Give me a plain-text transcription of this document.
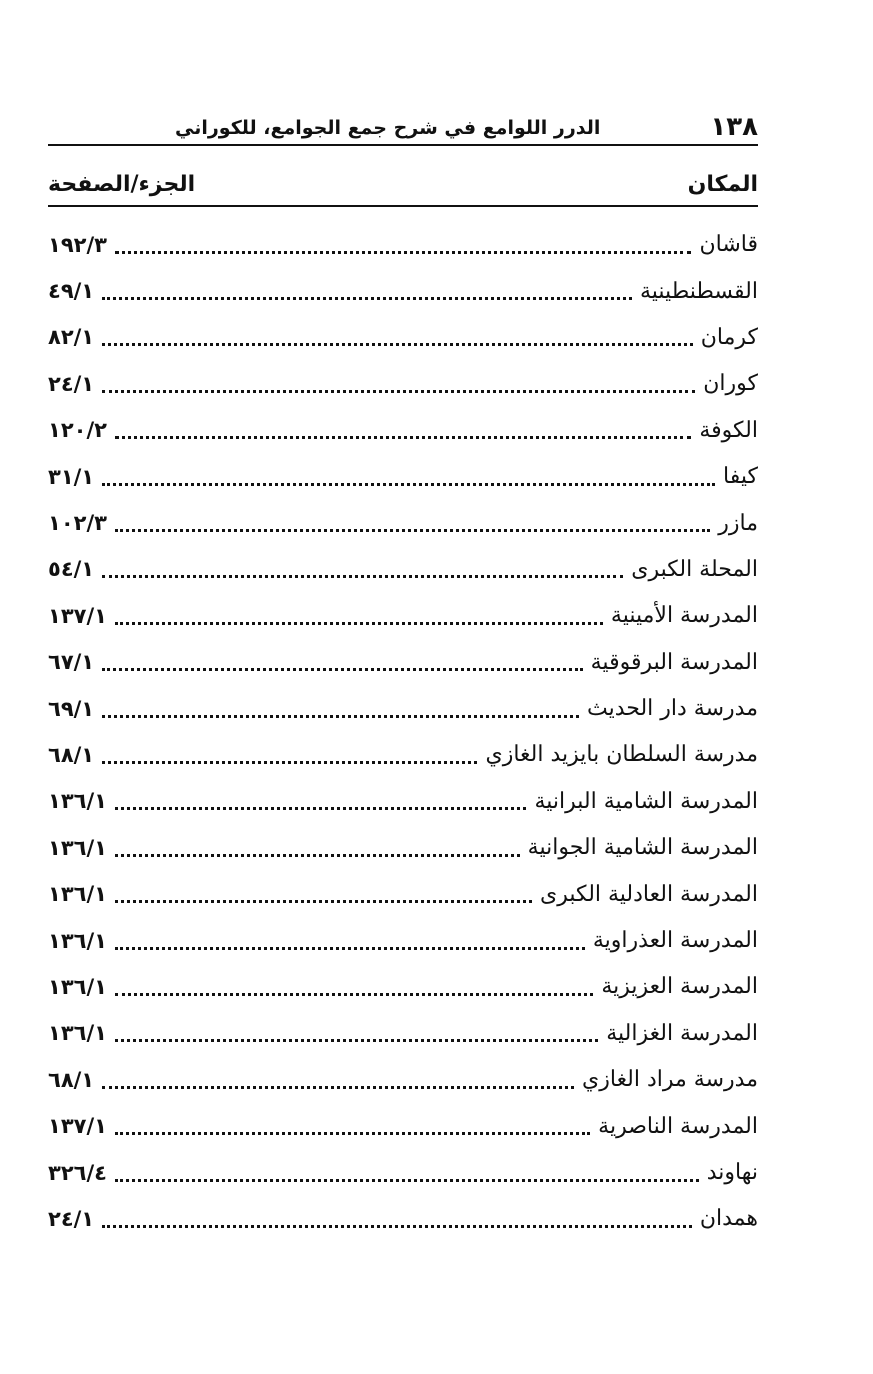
١٣٨
الدرر اللوامع في شرح جمع الجوامع، للكوراني
المكان
الجزء/الصفحة
قاشان
١٩٢/٣
القسطنطينية
٤٩/١
كرمان
٨٢/١
كوران
٢٤/١
الكوفة
١٢٠/٢
كيفا
٣١/١
مازر
١٠٢/٣
المحلة الكبرى
٥٤/١
المدرسة الأمينية
١٣٧/١
المدرسة البرقوقية
٦٧/١
مدرسة دار الحديث
٦٩/١
مدرسة السلطان بايزيد الغازي
٦٨/١
المدرسة الشامية البرانية
١٣٦/١
المدرسة الشامية الجوانية
١٣٦/١
المدرسة العادلية الكبرى
١٣٦/١
المدرسة العذراوية
١٣٦/١
المدرسة العزيزية
١٣٦/١
المدرسة الغزالية
١٣٦/١
مدرسة مراد الغازي
٦٨/١
المدرسة الناصرية
١٣٧/١
نهاوند
٣٢٦/٤
همدان
٢٤/١
